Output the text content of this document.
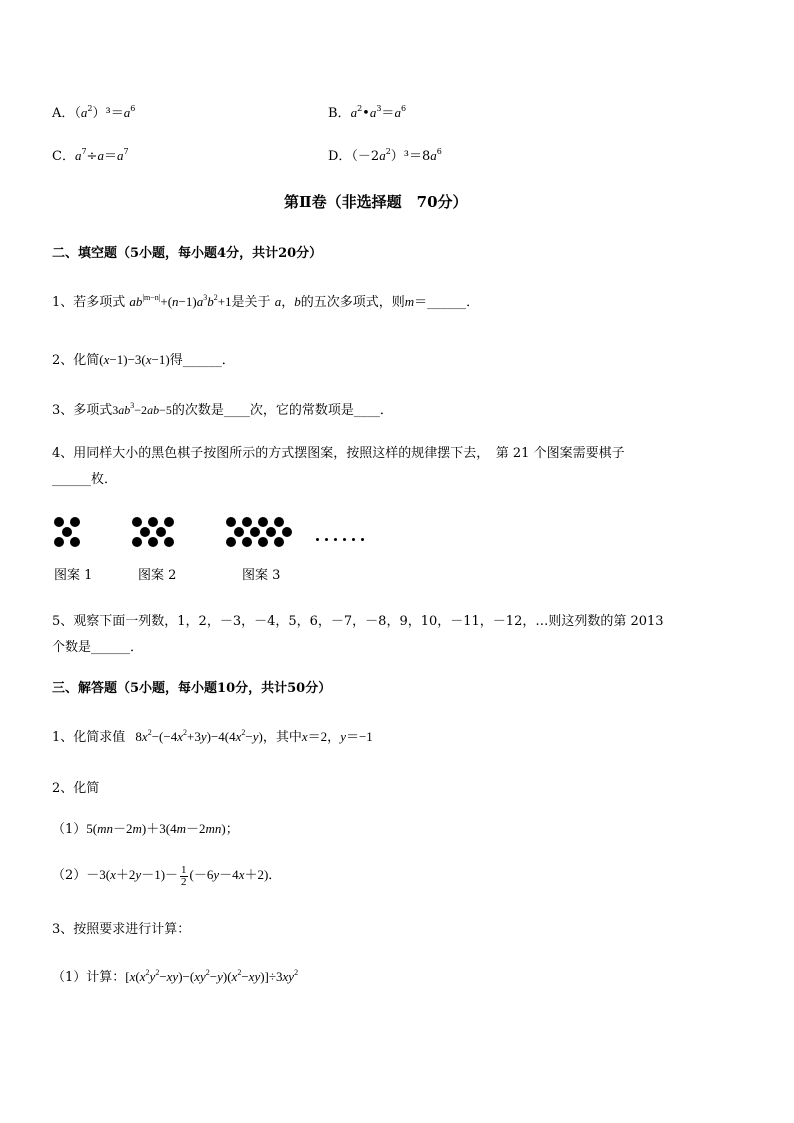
A．$(a^2)^3=a^6$	B．$a^2•a^3=a^6$
C．$a^7\div a=a^7$	D．$(-2a^2)^3=8a^6$
第Ⅱ卷（非选择题　70分）
二、填空题（5小题，每小题4分，共计20分）
1、若多项式 $ab^{|m-n|}+(n-1)a^3b^2+1$是关于 a，b的五次多项式，则m＝______．
2、化简(x−1)−3(x−1)得______．
3、多项式$3ab^3-2ab-5$的次数是____次，它的常数项是____．
4、用同样大小的黑色棋子按图所示的方式摆图案，按照这样的规律摆下去，　第 21 个图案需要棋子
______枚．
图案 1	图案 2	图案 3
5、观察下面一列数，1，2，－3，－4，5，6，－7，－8，9，10，－11，－12，…则这列数的第 2013
个数是______．
三、解答题（5小题，每小题10分，共计50分）
1、化简求值 $8x^2-(-4x^2+3y)-4(4x^2-y)$，其中x＝2，y＝−1
2、化简
（1）5(mn－2m)＋3(4m－2mn)；
$(2)-3(x+2y-1)- \frac{1}{2} (-6y-4x+2)$．
3、按照要求进行计算：
（1）计算：$[x(x^2y^2-xy)-(xy^2-y)(x^2-xy)]\div 3xy^2$
